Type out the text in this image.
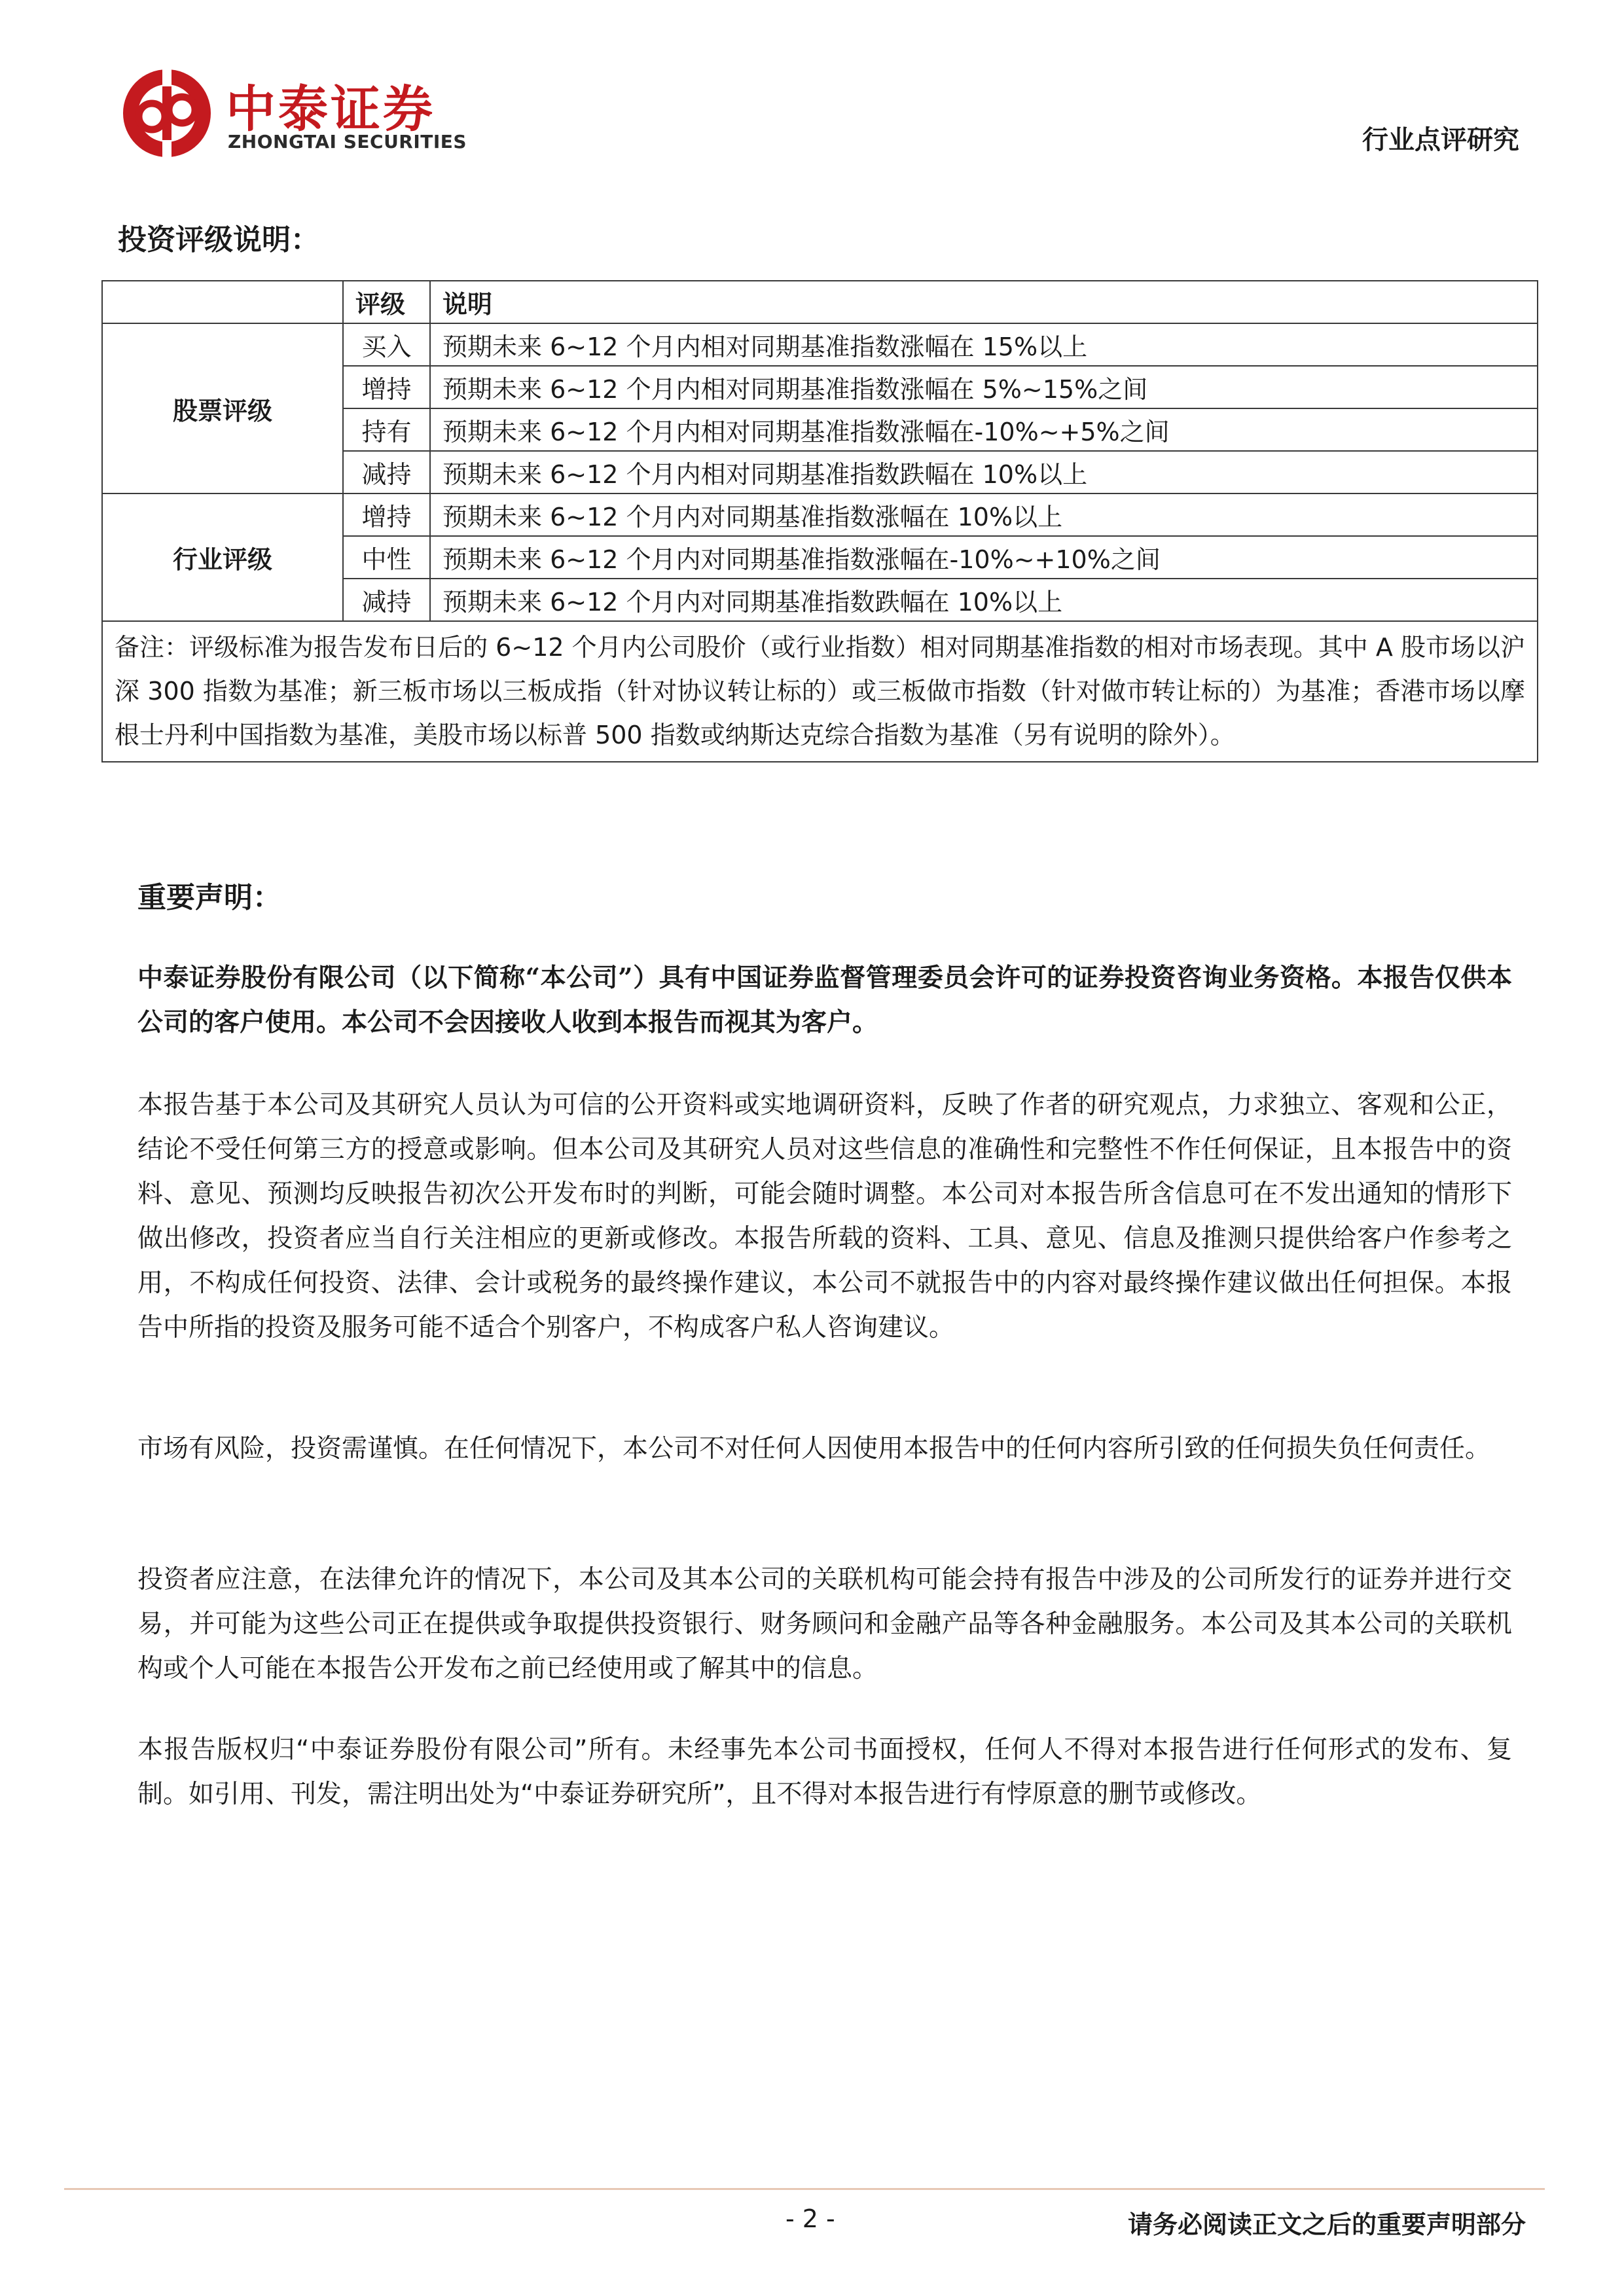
中泰证券
ZHONGTAI SECURITIES	行业点评研究
投资评级说明：
	评级	说明
股票评级	买入	预期未来 6~12 个月内相对同期基准指数涨幅在 15%以上
	增持	预期未来 6~12 个月内相对同期基准指数涨幅在 5%~15%之间
	持有	预期未来 6~12 个月内相对同期基准指数涨幅在-10%~+5%之间
	减持	预期未来 6~12 个月内相对同期基准指数跌幅在 10%以上
行业评级	增持	预期未来 6~12 个月内对同期基准指数涨幅在 10%以上
	中性	预期未来 6~12 个月内对同期基准指数涨幅在-10%~+10%之间
	减持	预期未来 6~12 个月内对同期基准指数跌幅在 10%以上
备注：评级标准为报告发布日后的 6~12 个月内公司股价（或行业指数）相对同期基准指数的相对市场表现。其中 A 股市场以沪深 300 指数为基准；新三板市场以三板成指（针对协议转让标的）或三板做市指数（针对做市转让标的）为基准；香港市场以摩根士丹利中国指数为基准，美股市场以标普 500 指数或纳斯达克综合指数为基准（另有说明的除外）。		
重要声明：
中泰证券股份有限公司（以下简称“本公司”）具有中国证券监督管理委员会许可的证券投资咨询业务资格。本报告仅供本公司的客户使用。本公司不会因接收人收到本报告而视其为客户。
本报告基于本公司及其研究人员认为可信的公开资料或实地调研资料，反映了作者的研究观点，力求独立、客观和公正，结论不受任何第三方的授意或影响。但本公司及其研究人员对这些信息的准确性和完整性不作任何保证，且本报告中的资料、意见、预测均反映报告初次公开发布时的判断，可能会随时调整。本公司对本报告所含信息可在不发出通知的情形下做出修改，投资者应当自行关注相应的更新或修改。本报告所载的资料、工具、意见、信息及推测只提供给客户作参考之用，不构成任何投资、法律、会计或税务的最终操作建议，本公司不就报告中的内容对最终操作建议做出任何担保。本报告中所指的投资及服务可能不适合个别客户，不构成客户私人咨询建议。
市场有风险，投资需谨慎。在任何情况下，本公司不对任何人因使用本报告中的任何内容所引致的任何损失负任何责任。
投资者应注意，在法律允许的情况下，本公司及其本公司的关联机构可能会持有报告中涉及的公司所发行的证券并进行交易，并可能为这些公司正在提供或争取提供投资银行、财务顾问和金融产品等各种金融服务。本公司及其本公司的关联机构或个人可能在本报告公开发布之前已经使用或了解其中的信息。
本报告版权归“中泰证券股份有限公司”所有。未经事先本公司书面授权，任何人不得对本报告进行任何形式的发布、复制。如引用、刊发，需注明出处为“中泰证券研究所”，且不得对本报告进行有悖原意的删节或修改。
- 2 -	请务必阅读正文之后的重要声明部分
